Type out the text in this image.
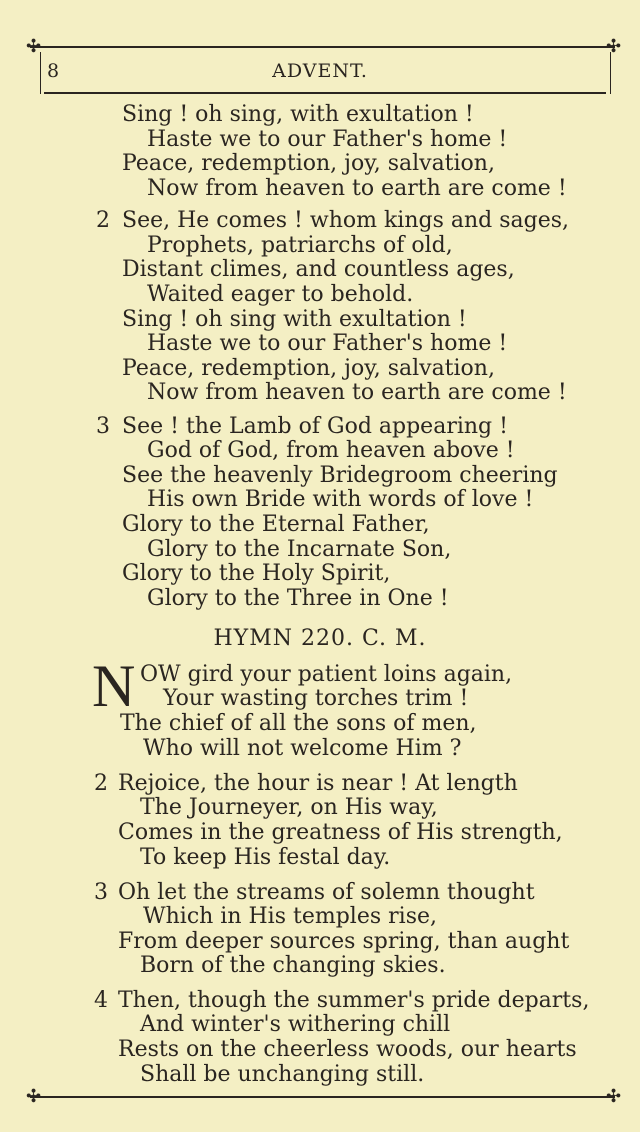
✣	✣
✣	✣
8	ADVENT.
Sing ! oh sing, with exultation !
Haste we to our Father's home !
Peace, redemption, joy, salvation,
Now from heaven to earth are come !
2 See, He comes ! whom kings and sages,
Prophets, patriarchs of old,
Distant climes, and countless ages,
Waited eager to behold.
Sing ! oh sing with exultation !
Haste we to our Father's home !
Peace, redemption, joy, salvation,
Now from heaven to earth are come !
3 See ! the Lamb of God appearing !
God of God, from heaven above !
See the heavenly Bridegroom cheering
His own Bride with words of love !
Glory to the Eternal Father,
Glory to the Incarnate Son,
Glory to the Holy Spirit,
Glory to the Three in One !
HYMN 220. C. M.
N OW gird your patient loins again,
Your wasting torches trim !
The chief of all the sons of men,
Who will not welcome Him ?
2 Rejoice, the hour is near ! At length
The Journeyer, on His way,
Comes in the greatness of His strength,
To keep His festal day.
3 Oh let the streams of solemn thought
Which in His temples rise,
From deeper sources spring, than aught
Born of the changing skies.
4 Then, though the summer's pride departs,
And winter's withering chill
Rests on the cheerless woods, our hearts
Shall be unchanging still.
